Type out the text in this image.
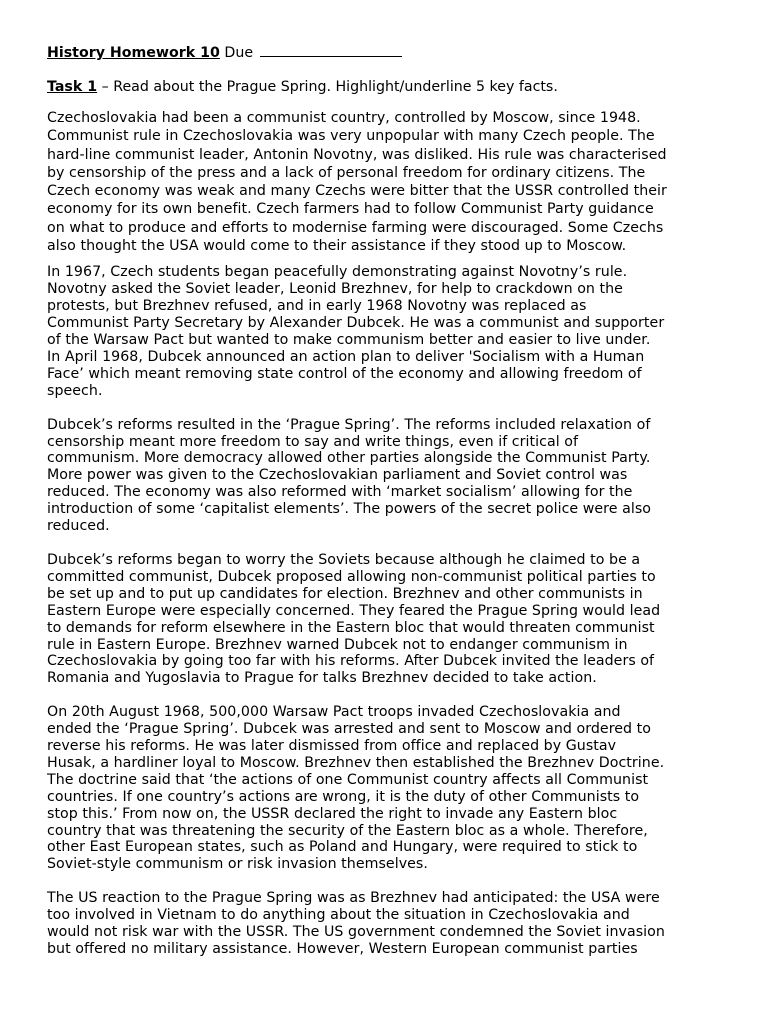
History Homework 10 Due
Task 1 – Read about the Prague Spring. Highlight/underline 5 key facts.

Czechoslovakia had been a communist country, controlled by Moscow, since 1948.
Communist rule in Czechoslovakia was very unpopular with many Czech people. The
hard-line communist leader, Antonin Novotny, was disliked. His rule was characterised
by censorship of the press and a lack of personal freedom for ordinary citizens. The
Czech economy was weak and many Czechs were bitter that the USSR controlled their
economy for its own benefit. Czech farmers had to follow Communist Party guidance
on what to produce and efforts to modernise farming were discouraged. Some Czechs
also thought the USA would come to their assistance if they stood up to Moscow.

In 1967, Czech students began peacefully demonstrating against Novotny’s rule.
Novotny asked the Soviet leader, Leonid Brezhnev, for help to crackdown on the
protests, but Brezhnev refused, and in early 1968 Novotny was replaced as
Communist Party Secretary by Alexander Dubcek. He was a communist and supporter
of the Warsaw Pact but wanted to make communism better and easier to live under.
In April 1968, Dubcek announced an action plan to deliver 'Socialism with a Human
Face’ which meant removing state control of the economy and allowing freedom of
speech.

Dubcek’s reforms resulted in the ‘Prague Spring’. The reforms included relaxation of
censorship meant more freedom to say and write things, even if critical of
communism. More democracy allowed other parties alongside the Communist Party.
More power was given to the Czechoslovakian parliament and Soviet control was
reduced. The economy was also reformed with ‘market socialism’ allowing for the
introduction of some ‘capitalist elements’. The powers of the secret police were also
reduced.

Dubcek’s reforms began to worry the Soviets because although he claimed to be a
committed communist, Dubcek proposed allowing non-communist political parties to
be set up and to put up candidates for election. Brezhnev and other communists in
Eastern Europe were especially concerned. They feared the Prague Spring would lead
to demands for reform elsewhere in the Eastern bloc that would threaten communist
rule in Eastern Europe. Brezhnev warned Dubcek not to endanger communism in
Czechoslovakia by going too far with his reforms. After Dubcek invited the leaders of
Romania and Yugoslavia to Prague for talks Brezhnev decided to take action.

On 20th August 1968, 500,000 Warsaw Pact troops invaded Czechoslovakia and
ended the ‘Prague Spring’. Dubcek was arrested and sent to Moscow and ordered to
reverse his reforms. He was later dismissed from office and replaced by Gustav
Husak, a hardliner loyal to Moscow. Brezhnev then established the Brezhnev Doctrine.
The doctrine said that ‘the actions of one Communist country affects all Communist
countries. If one country’s actions are wrong, it is the duty of other Communists to
stop this.’ From now on, the USSR declared the right to invade any Eastern bloc
country that was threatening the security of the Eastern bloc as a whole. Therefore,
other East European states, such as Poland and Hungary, were required to stick to
Soviet-style communism or risk invasion themselves.

The US reaction to the Prague Spring was as Brezhnev had anticipated: the USA were
too involved in Vietnam to do anything about the situation in Czechoslovakia and
would not risk war with the USSR. The US government condemned the Soviet invasion
but offered no military assistance. However, Western European communist parties
